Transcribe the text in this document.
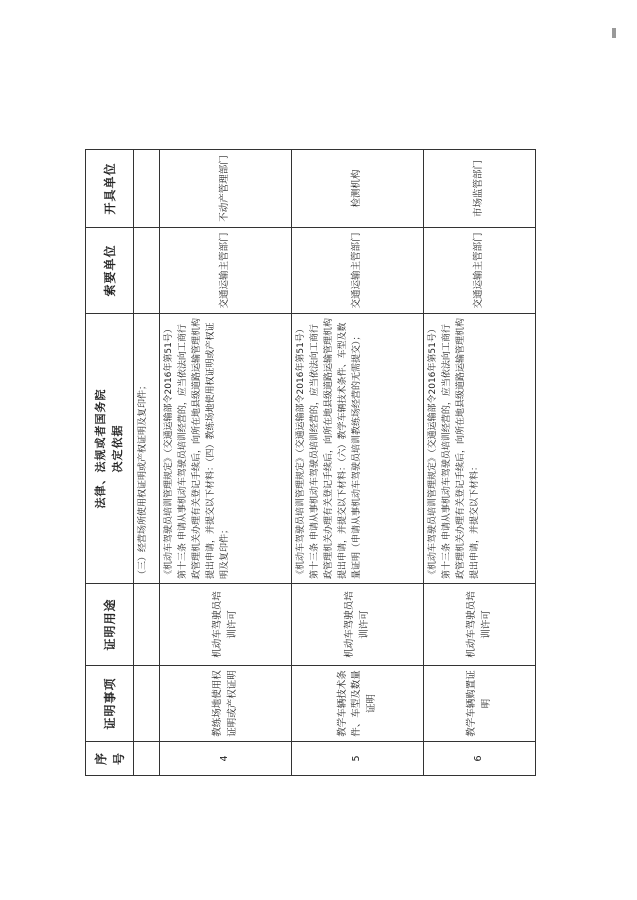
序号	证明事项	证明用途	法律、法规或者国务院 决定依据	索要单位	开具单位
			（三）经营场所使用权证明或产权证明及复印件；		
4	教练场地使用权证明或产权证明	机动车驾驶员培训许可	《机动车驾驶员培训管理规定》（交通运输部令2016年第51号）第十三条 申请从事机动车驾驶员培训经营的，应当依法向工商行政管理机关办理有关登记手续后，向所在地县级道路运输管理机构提出申请，并提交以下材料：（四）教练场地使用权证明或产权证明及复印件；	交通运输主管部门	不动产管理部门
5	教学车辆技术条件、车型及数量证明	机动车驾驶员培训许可	《机动车驾驶员培训管理规定》（交通运输部令2016年第51号）第十三条 申请从事机动车驾驶员培训经营的，应当依法向工商行政管理机关办理有关登记手续后，向所在地县级道路运输管理机构提出申请，并提交以下材料：（六）教学车辆技术条件、车型及数量证明（申请从事机动车驾驶员培训教练场经营的无需提交）；	交通运输主管部门	检测机构
6	教学车辆购置证明	机动车驾驶员培训许可	《机动车驾驶员培训管理规定》（交通运输部令2016年第51号）第十三条 申请从事机动车驾驶员培训经营的，应当依法向工商行政管理机关办理有关登记手续后，向所在地县级道路运输管理机构提出申请，并提交以下材料：	交通运输主管部门	市场监管部门
